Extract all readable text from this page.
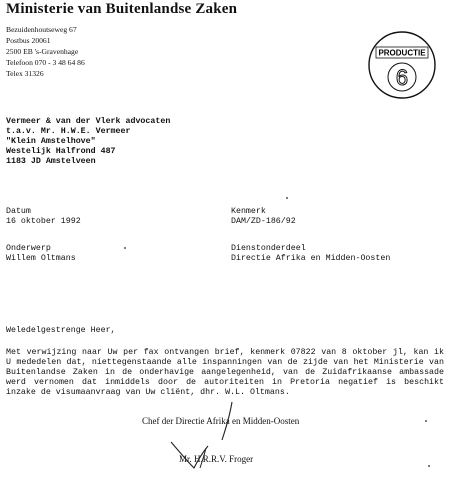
Ministerie van Buitenlandse Zaken
Bezuidenhoutseweg 67
Postbus 20061
2500 EB 's-Gravenhage
Telefoon 070 - 3 48 64 86
Telex 31326
PRODUCTIE
6
Vermeer & van der Vlerk advocaten
t.a.v. Mr. H.W.E. Vermeer
"Klein Amstelhove"
Westelijk Halfrond 487
1183 JD Amstelveen
Datum
16 oktober 1992
Onderwerp
Willem Oltmans
Kenmerk
DAM/ZD-186/92
Dienstonderdeel
Directie Afrika en Midden-Oosten
Weledelgestrenge Heer,
Met verwijzing naar Uw per fax ontvangen brief, kenmerk 07822 van 8 oktober jl, kan ik U mededelen dat, niettegenstaande alle inspanningen van de zijde van het Ministerie van Buitenlandse Zaken in de onderhavige aangelegenheid, van de Zuidafrikaanse ambassade werd vernomen dat inmiddels door de autoriteiten in Pretoria negatief is beschikt inzake de visumaanvraag van Uw cliënt, dhr. W.L. Oltmans.
Chef der Directie Afrika en Midden-Oosten
Mr. H.R.R.V. Froger
